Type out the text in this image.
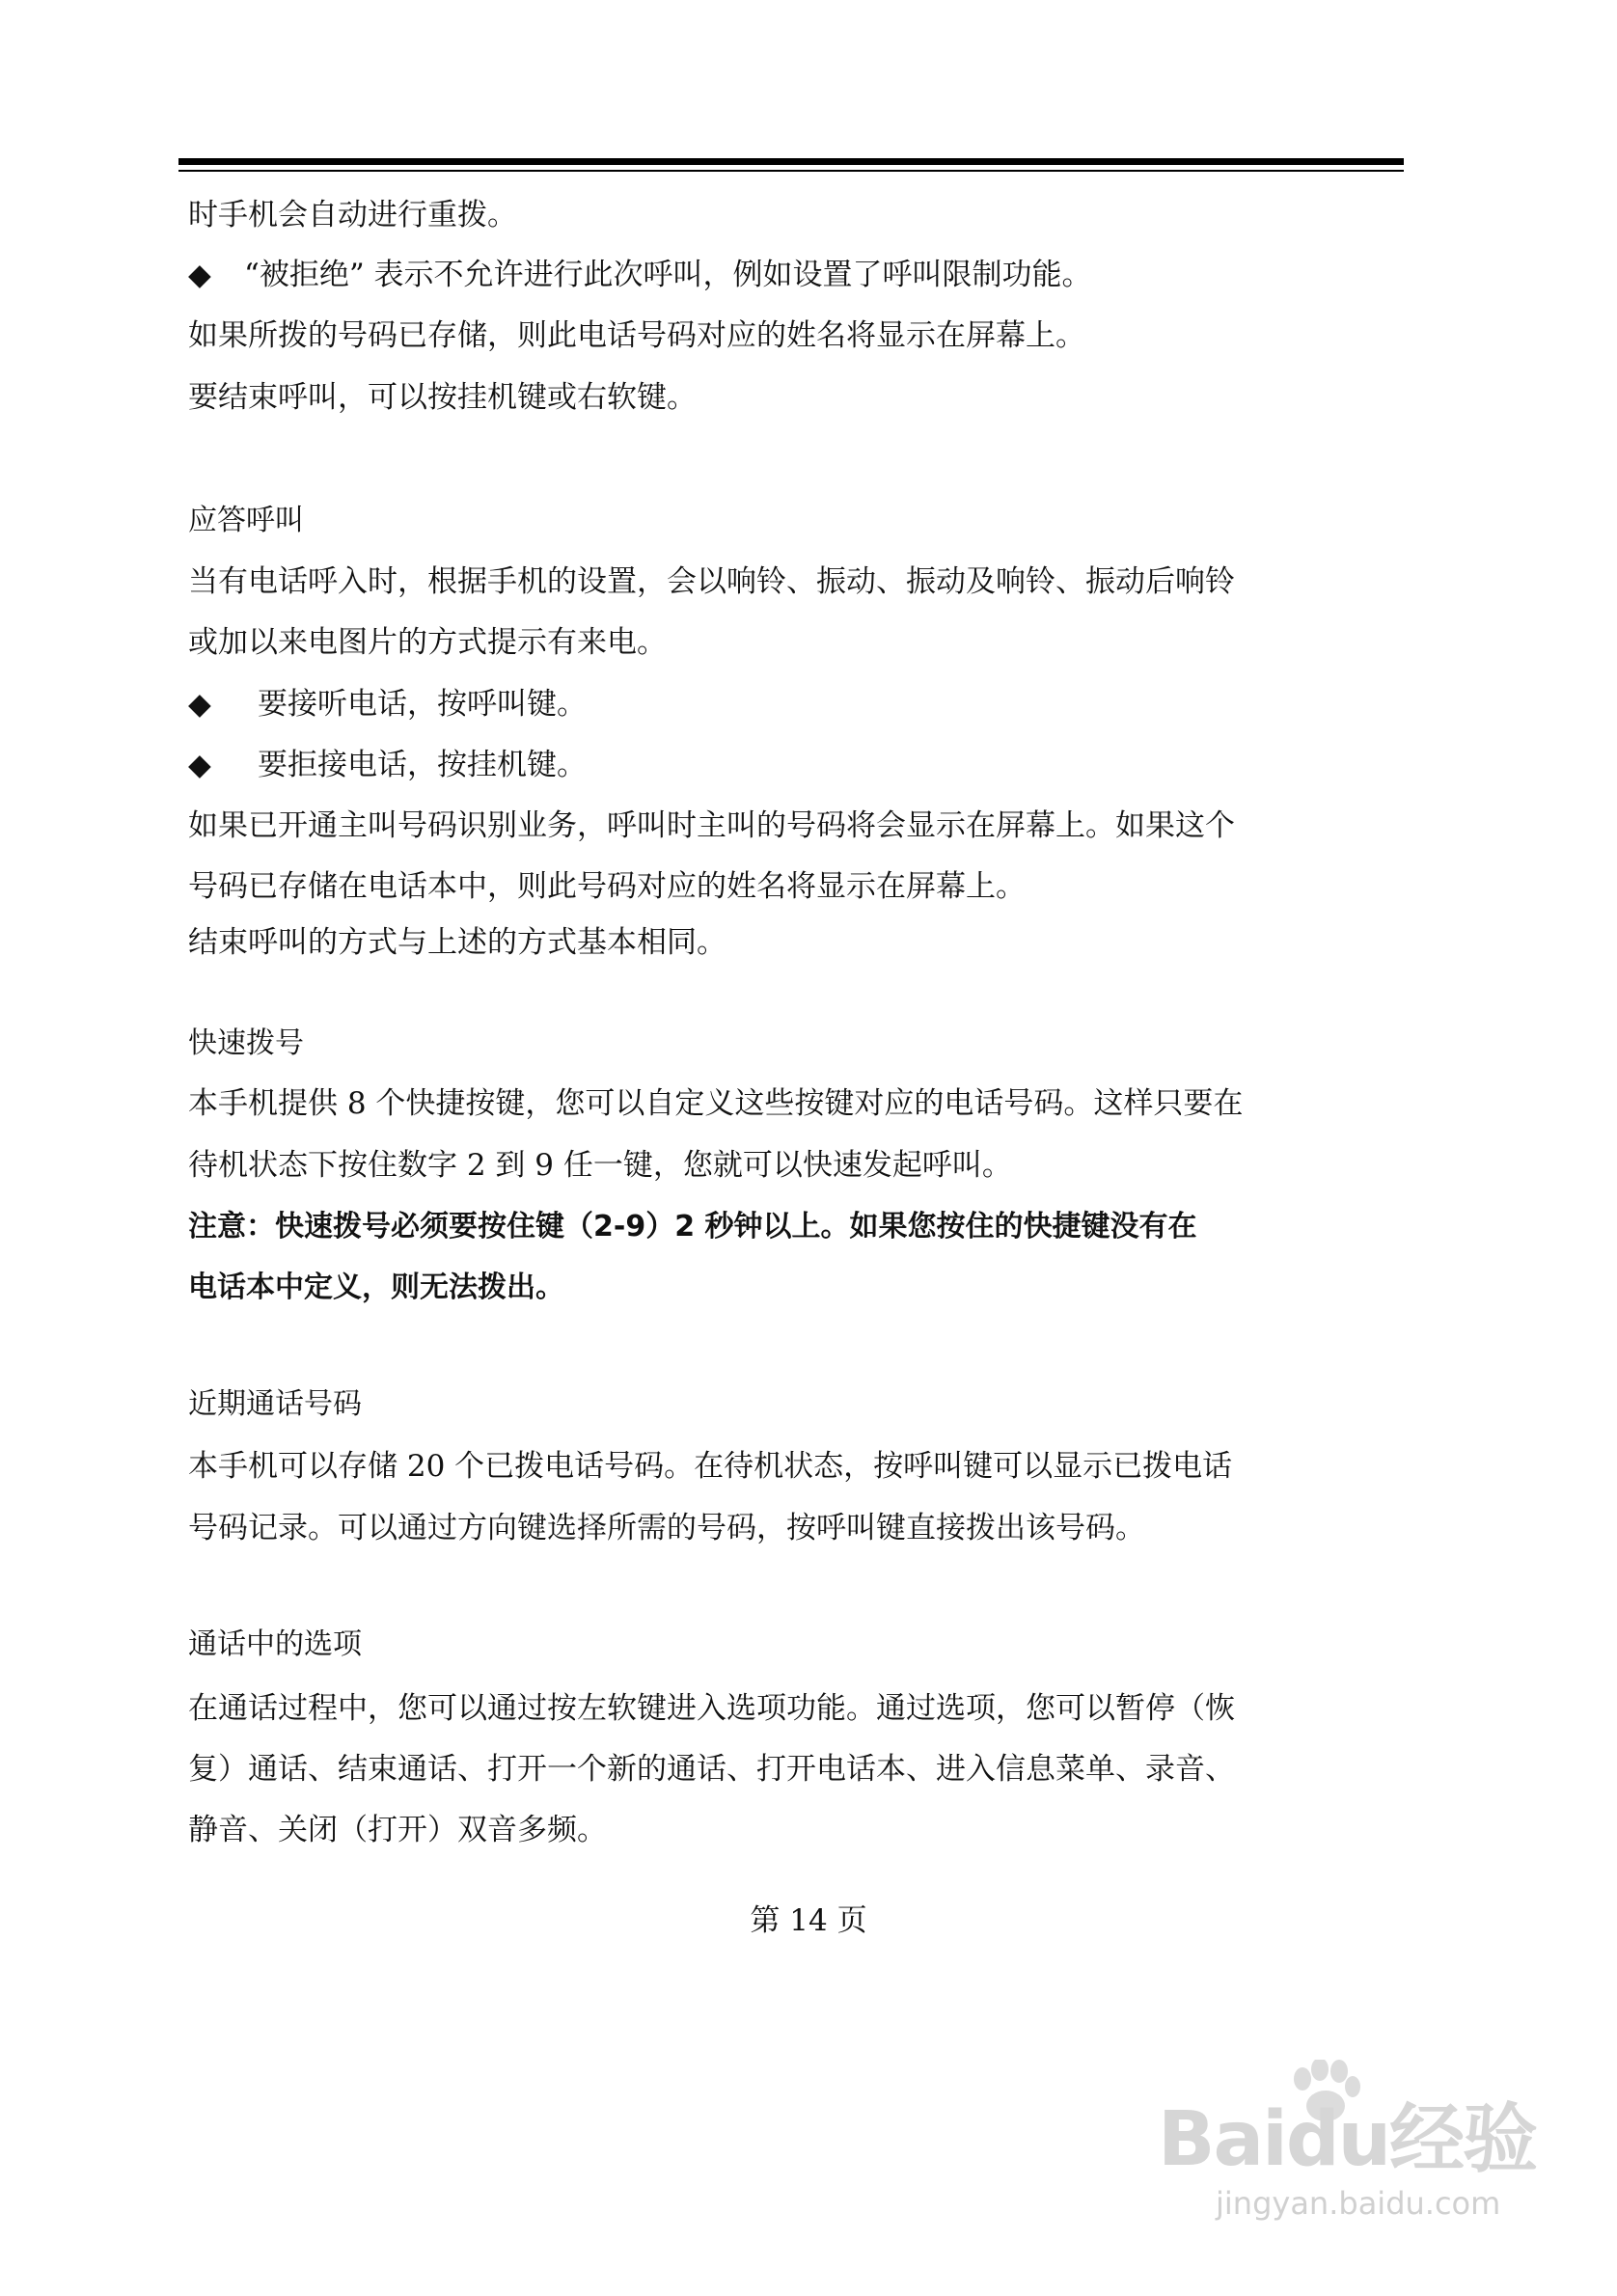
时手机会自动进行重拨。
◆ “被拒绝” 表示不允许进行此次呼叫，例如设置了呼叫限制功能。
如果所拨的号码已存储，则此电话号码对应的姓名将显示在屏幕上。
要结束呼叫，可以按挂机键或右软键。
应答呼叫
当有电话呼入时，根据手机的设置，会以响铃、振动、振动及响铃、振动后响铃
或加以来电图片的方式提示有来电。
◆ 要接听电话，按呼叫键。
◆ 要拒接电话，按挂机键。
如果已开通主叫号码识别业务，呼叫时主叫的号码将会显示在屏幕上。如果这个
号码已存储在电话本中，则此号码对应的姓名将显示在屏幕上。
结束呼叫的方式与上述的方式基本相同。
快速拨号
本手机提供 8 个快捷按键，您可以自定义这些按键对应的电话号码。这样只要在
待机状态下按住数字 2 到 9 任一键，您就可以快速发起呼叫。
注意：快速拨号必须要按住键（2-9）2 秒钟以上。如果您按住的快捷键没有在
电话本中定义，则无法拨出。
近期通话号码
本手机可以存储 20 个已拨电话号码。在待机状态，按呼叫键可以显示已拨电话
号码记录。可以通过方向键选择所需的号码，按呼叫键直接拨出该号码。
通话中的选项
在通话过程中，您可以通过按左软键进入选项功能。通过选项，您可以暂停（恢
复）通话、结束通话、打开一个新的通话、打开电话本、进入信息菜单、录音、
静音、关闭（打开）双音多频。
第 14 页
Baidu经验
jingyan.baidu.com
